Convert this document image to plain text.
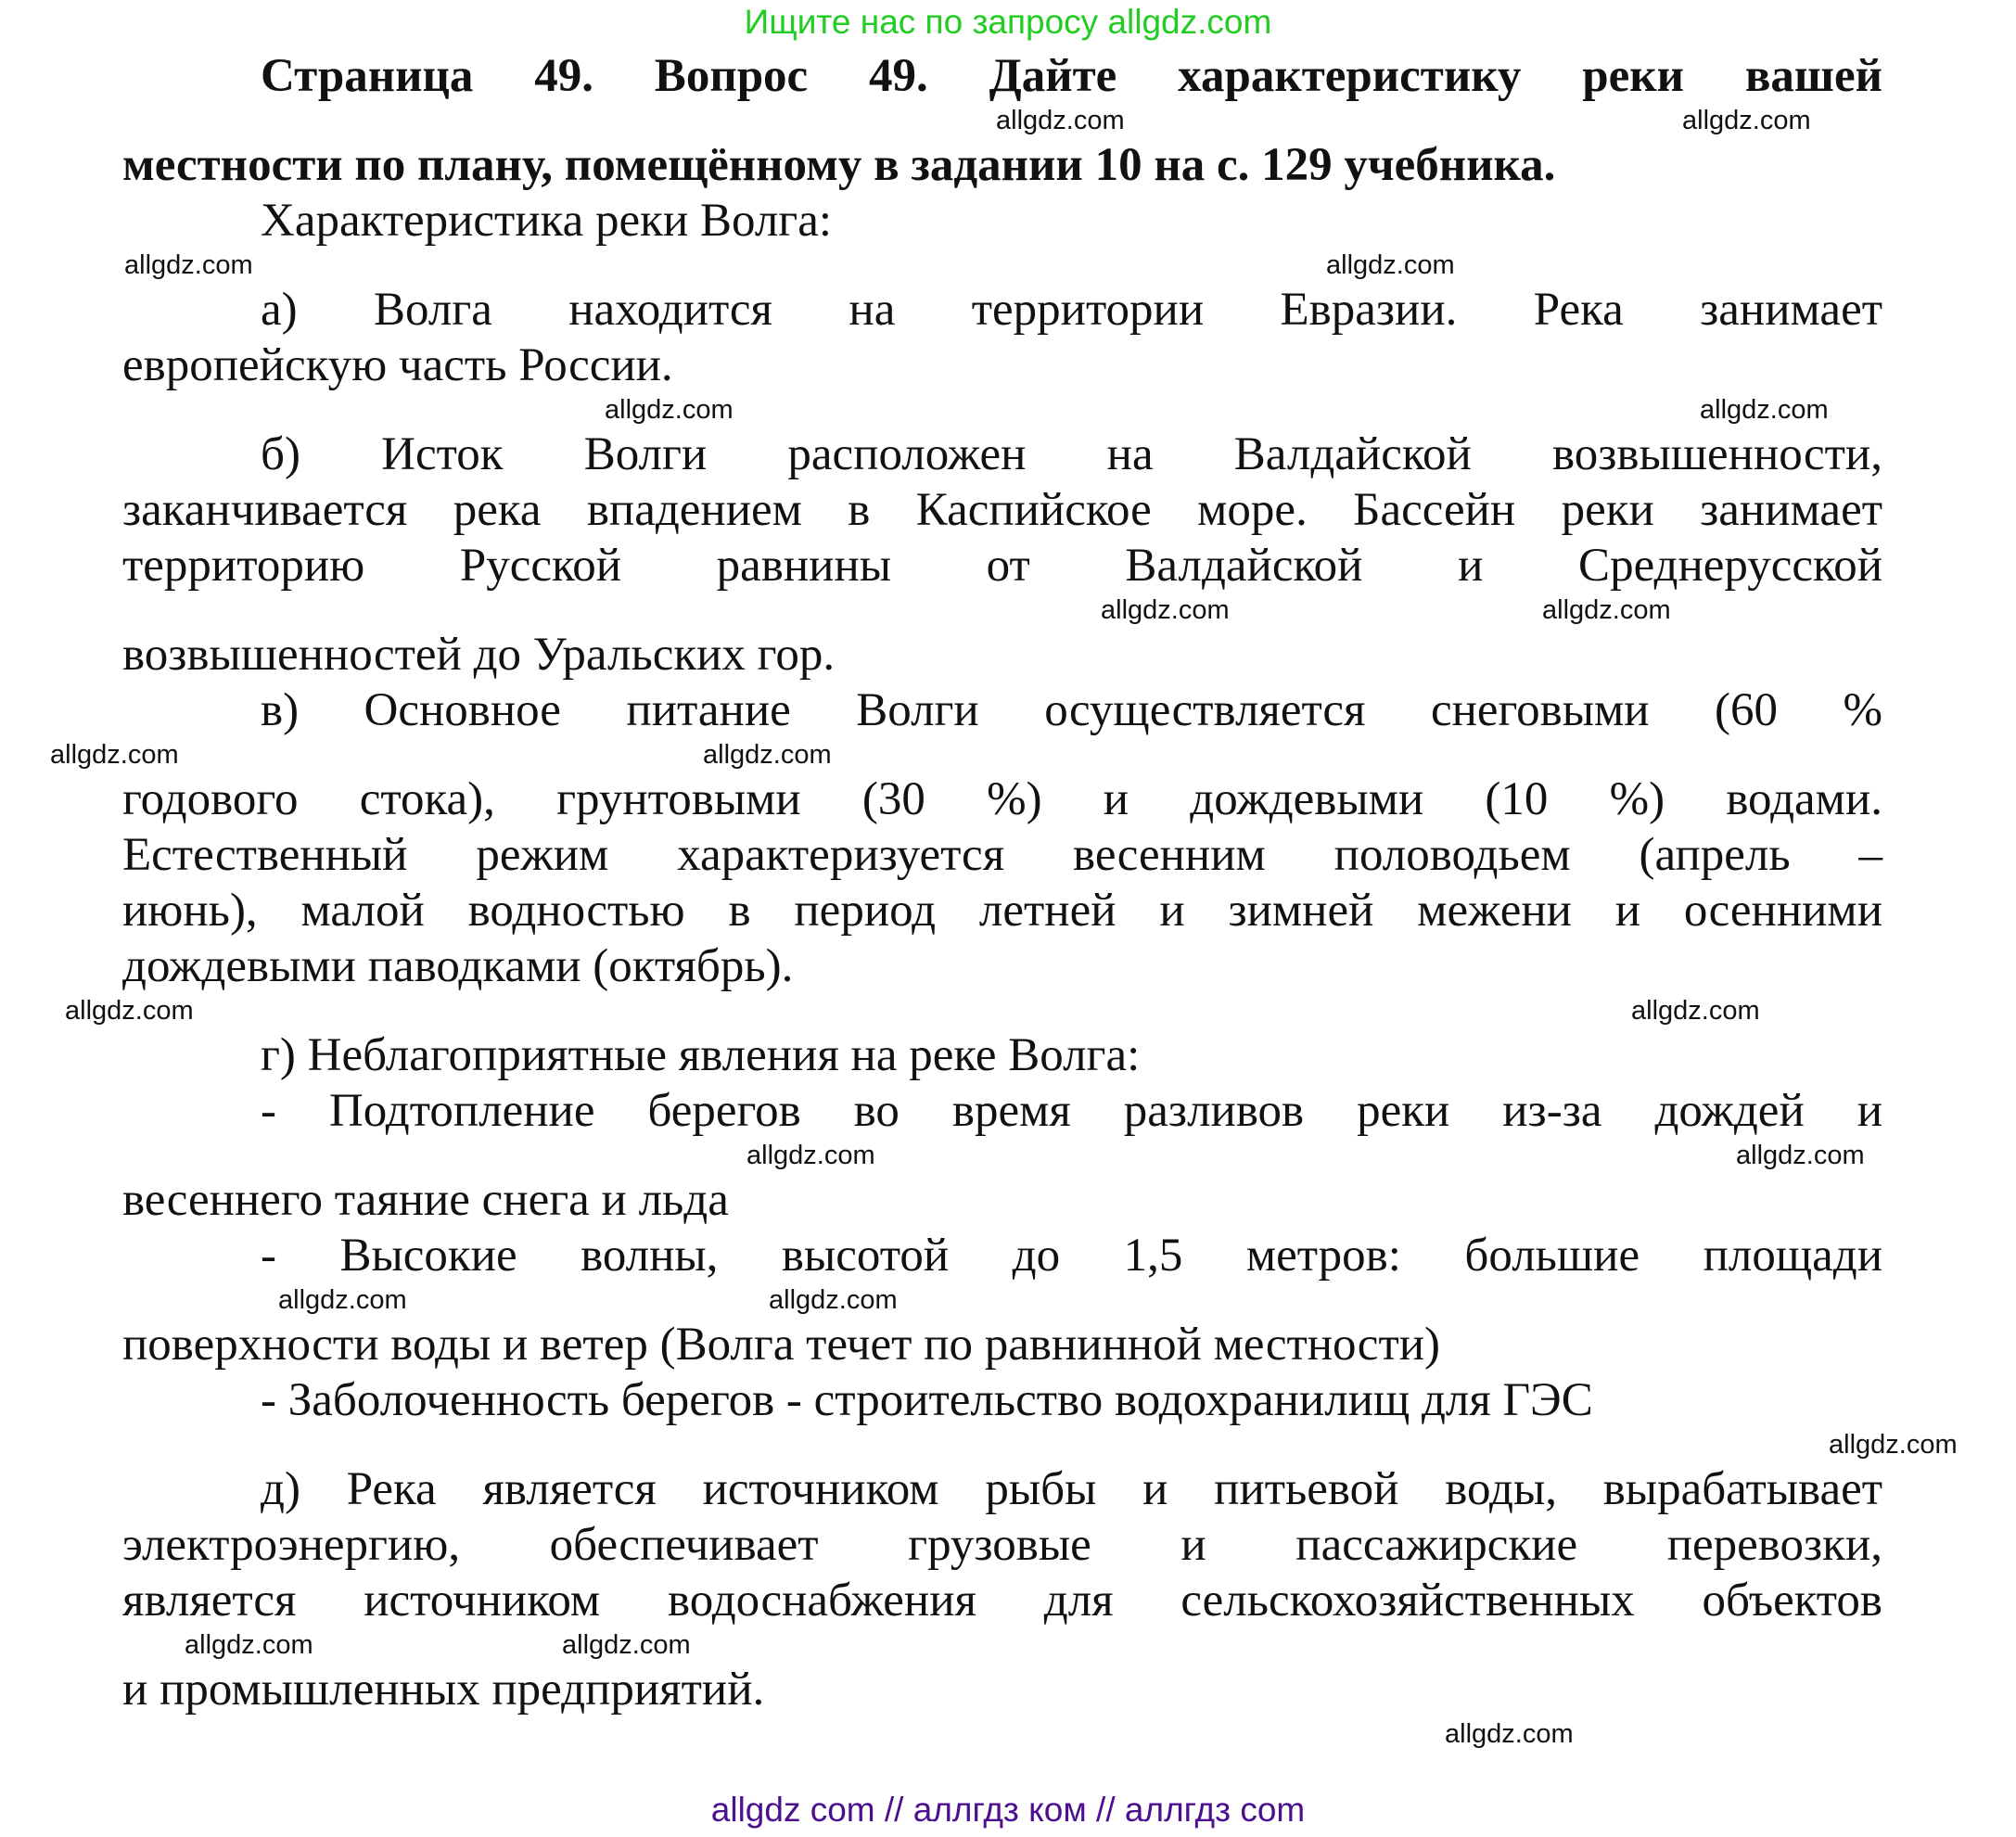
Ищите нас по запросу allgdz.com
Страница 49. Вопрос 49. Дайте характеристику реки вашей
allgdz.com
allgdz.com
местности по плану, помещённому в задании 10 на с. 129 учебника.
Характеристика реки Волга:
allgdz.com
allgdz.com
а) Волга находится на территории Евразии. Река занимает
европейскую часть России.
allgdz.com	allgdz.com
б) Исток Волги расположен на Валдайской возвышенности,
заканчивается река впадением в Каспийское море. Бассейн реки занимает
территорию Русской равнины от Валдайской и Среднерусской
allgdz.com	allgdz.com
возвышенностей до Уральских гор.
в) Основное питание Волги осуществляется снеговыми (60 %
allgdz.com	allgdz.com
годового стока), грунтовыми (30 %) и дождевыми (10 %) водами.
Естественный режим характеризуется весенним половодьем (апрель –
июнь), малой водностью в период летней и зимней межени и осенними
дождевыми паводками (октябрь).
allgdz.com
allgdz.com
г) Неблагоприятные явления на реке Волга:
- Подтопление берегов во время разливов реки из-за дождей и
allgdz.com	allgdz.com
весеннего таяние снега и льда
- Высокие волны, высотой до 1,5 метров: большие площади
allgdz.com	allgdz.com
поверхности воды и ветер (Волга течет по равнинной местности)
- Заболоченность берегов - строительство водохранилищ для ГЭС
allgdz.com
д) Река является источником рыбы и питьевой воды, вырабатывает
электроэнергию, обеспечивает грузовые и пассажирские перевозки,
является источником водоснабжения для сельскохозяйственных объектов
allgdz.com
allgdz.com
и промышленных предприятий.
allgdz.com
allgdz com // аллгдз ком // аллгдз com
